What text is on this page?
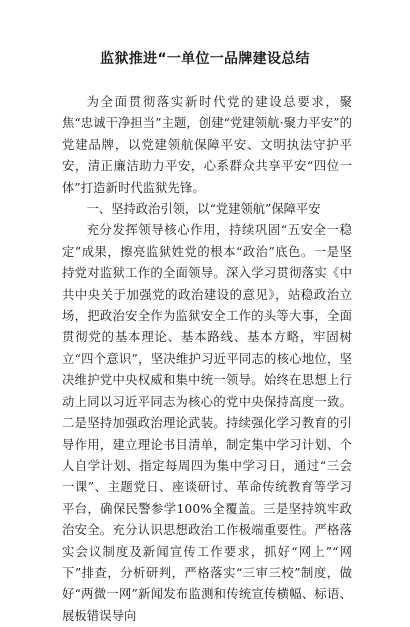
监狱推进“一单位一品牌建设总结

为全面贯彻落实新时代党的建设总要求，聚焦“忠诚干净担当”主题，创建“党建领航·聚力平安”的党建品牌，以党建领航保障平安、文明执法守护平安，清正廉洁助力平安，心系群众共享平安“四位一体”打造新时代监狱先锋。

一、坚持政治引领，以“党建领航”保障平安

充分发挥领导核心作用，持续巩固“五安全一稳定”成果，擦亮监狱姓党的根本“政治”底色。一是坚持党对监狱工作的全面领导。深入学习贯彻落实《中共中央关于加强党的政治建设的意见》，站稳政治立场，把政治安全作为监狱安全工作的头等大事，全面贯彻党的基本理论、基本路线、基本方略，牢固树立“四个意识”，坚决维护习近平同志的核心地位，坚决维护党中央权威和集中统一领导。始终在思想上行动上同以习近平同志为核心的党中央保持高度一致。二是坚持加强政治理论武装。持续强化学习教育的引导作用，建立理论书目清单，制定集中学习计划、个人自学计划、指定每周四为集中学习日，通过“三会一课”、主题党日、座谈研讨、革命传统教育等学习平台，确保民警参学100%全覆盖。三是坚持筑牢政治安全。充分认识思想政治工作极端重要性。严格落实会议制度及新闻宣传工作要求，抓好“网上”“网下”排查，分析研判，严格落实“三审三校”制度，做好“两微一网”新闻发布监测和传统宣传横幅、标语、展板错误导向
